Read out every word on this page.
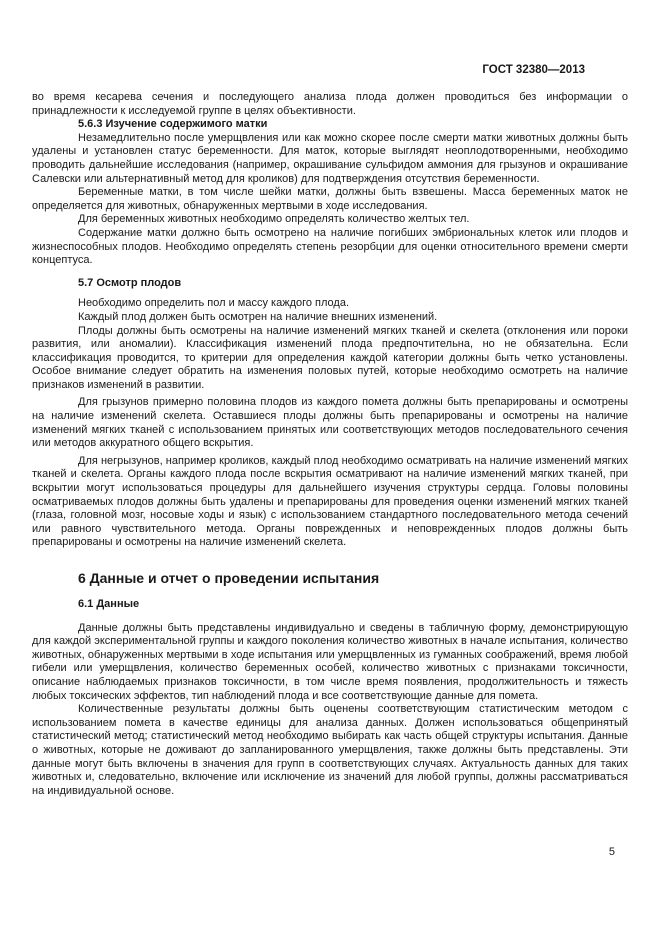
ГОСТ 32380—2013

во время кесарева сечения и последующего анализа плода должен проводиться без информации о принадлежности к исследуемой группе в целях объективности.

5.6.3 Изучение содержимого матки

Незамедлительно после умерщвления или как можно скорее после смерти матки животных должны быть удалены и установлен статус беременности. Для маток, которые выглядят неоплодотворенными, необходимо проводить дальнейшие исследования (например, окрашивание сульфидом аммония для грызунов и окрашивание Салевски или альтернативный метод для кроликов) для подтверждения отсутствия беременности.

Беременные матки, в том числе шейки матки, должны быть взвешены. Масса беременных маток не определяется для животных, обнаруженных мертвыми в ходе исследования.

Для беременных животных необходимо определять количество желтых тел.

Содержание матки должно быть осмотрено на наличие погибших эмбриональных клеток или плодов и жизнеспособных плодов. Необходимо определять степень резорбции для оценки относительного времени смерти концептуса.

5.7 Осмотр плодов

Необходимо определить пол и массу каждого плода.

Каждый плод должен быть осмотрен на наличие внешних изменений.

Плоды должны быть осмотрены на наличие изменений мягких тканей и скелета (отклонения или пороки развития, или аномалии). Классификация изменений плода предпочтительна, но не обязательна. Если классификация проводится, то критерии для определения каждой категории должны быть четко установлены. Особое внимание следует обратить на изменения половых путей, которые необходимо осмотреть на наличие признаков изменений в развитии.

Для грызунов примерно половина плодов из каждого помета должны быть препарированы и осмотрены на наличие изменений скелета. Оставшиеся плоды должны быть препарированы и осмотрены на наличие изменений мягких тканей с использованием принятых или соответствующих методов последовательного сечения или методов аккуратного общего вскрытия.

Для негрызунов, например кроликов, каждый плод необходимо осматривать на наличие изменений мягких тканей и скелета. Органы каждого плода после вскрытия осматривают на наличие изменений мягких тканей, при вскрытии могут использоваться процедуры для дальнейшего изучения структуры сердца. Головы половины осматриваемых плодов должны быть удалены и препарированы для проведения оценки изменений мягких тканей (глаза, головной мозг, носовые ходы и язык) с использованием стандартного последовательного метода сечений или равного чувствительного метода. Органы поврежденных и неповрежденных плодов должны быть препарированы и осмотрены на наличие изменений скелета.

6 Данные и отчет о проведении испытания
6.1 Данные

Данные должны быть представлены индивидуально и сведены в табличную форму, демонстрирующую для каждой экспериментальной группы и каждого поколения количество животных в начале испытания, количество животных, обнаруженных мертвыми в ходе испытания или умерщвленных из гуманных соображений, время любой гибели или умерщвления, количество беременных особей, количество животных с признаками токсичности, описание наблюдаемых признаков токсичности, в том числе время появления, продолжительность и тяжесть любых токсических эффектов, тип наблюдений плода и все соответствующие данные для помета.

Количественные результаты должны быть оценены соответствующим статистическим методом с использованием помета в качестве единицы для анализа данных. Должен использоваться общепринятый статистический метод; статистический метод необходимо выбирать как часть общей структуры испытания. Данные о животных, которые не доживают до запланированного умерщвления, также должны быть представлены. Эти данные могут быть включены в значения для групп в соответствующих случаях. Актуальность данных для таких животных и, следовательно, включение или исключение из значений для любой группы, должны рассматриваться на индивидуальной основе.

5
